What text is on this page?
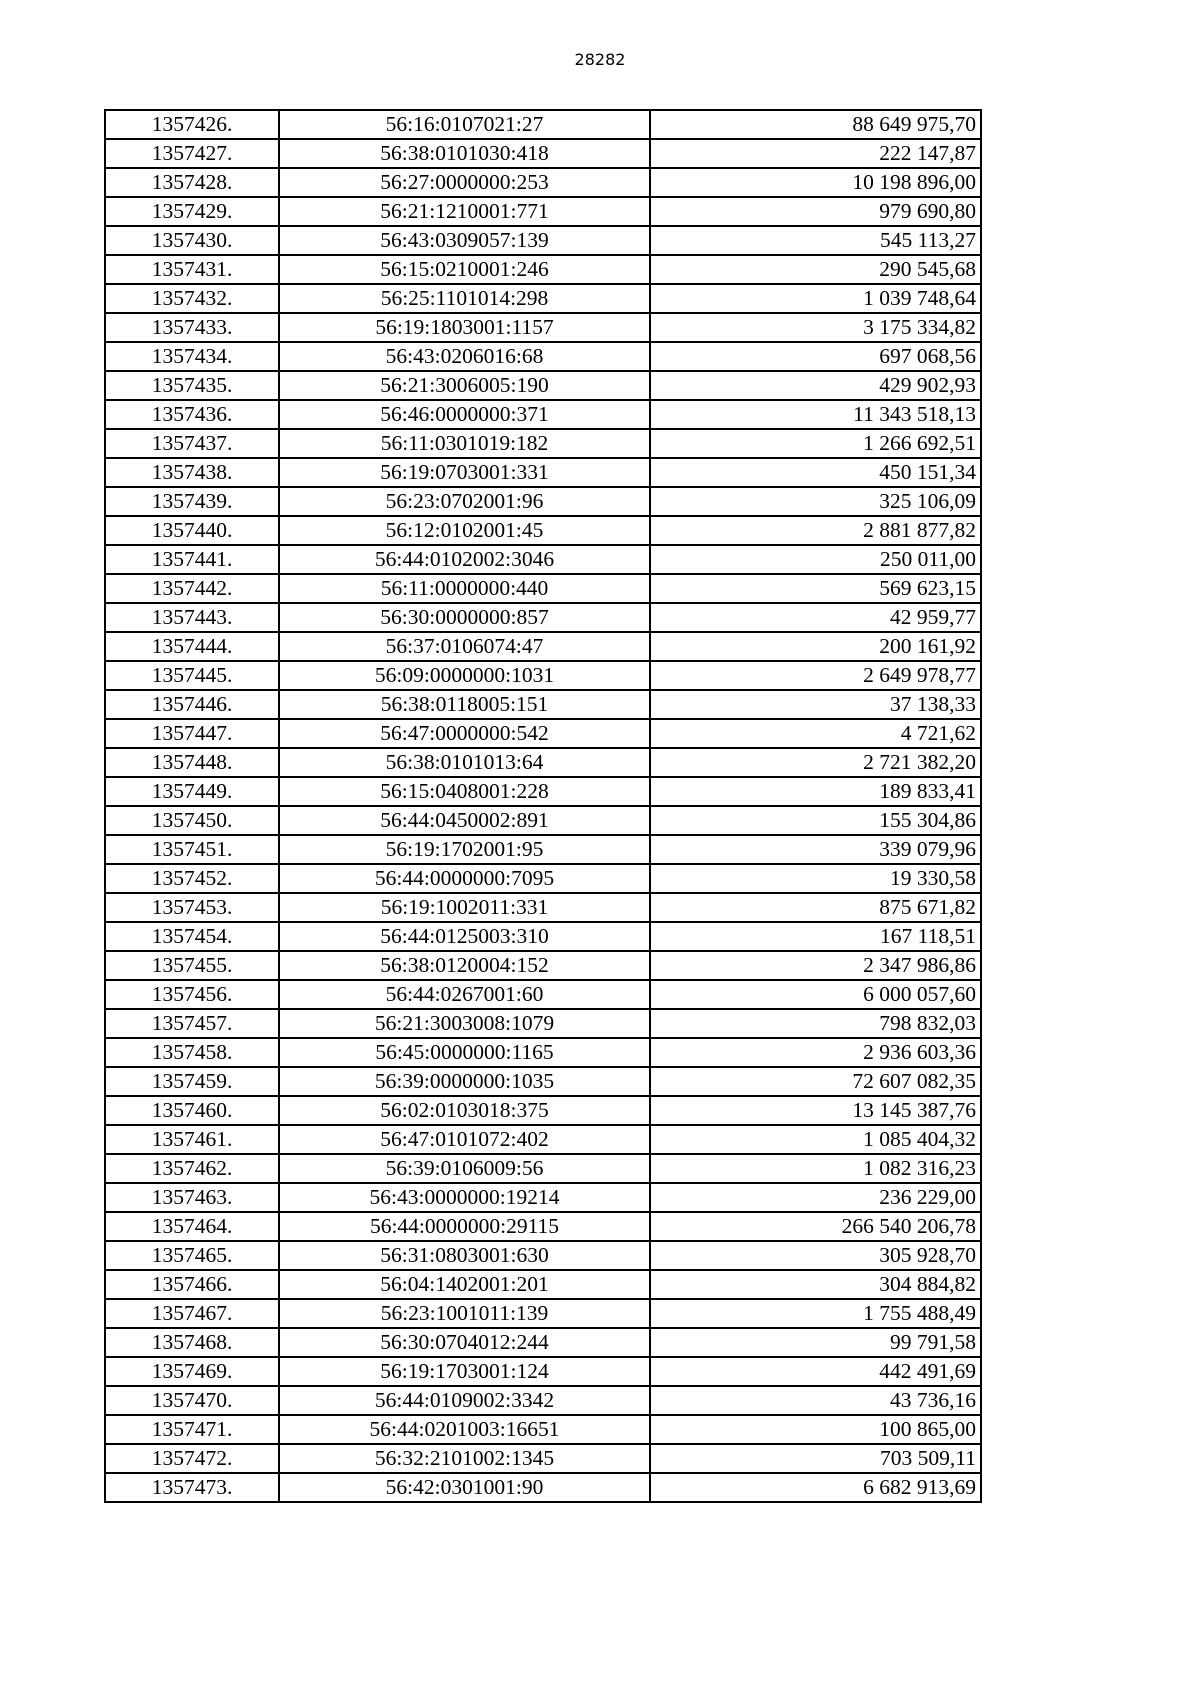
28282
1357426.	56:16:0107021:27	88 649 975,70
1357427.	56:38:0101030:418	222 147,87
1357428.	56:27:0000000:253	10 198 896,00
1357429.	56:21:1210001:771	979 690,80
1357430.	56:43:0309057:139	545 113,27
1357431.	56:15:0210001:246	290 545,68
1357432.	56:25:1101014:298	1 039 748,64
1357433.	56:19:1803001:1157	3 175 334,82
1357434.	56:43:0206016:68	697 068,56
1357435.	56:21:3006005:190	429 902,93
1357436.	56:46:0000000:371	11 343 518,13
1357437.	56:11:0301019:182	1 266 692,51
1357438.	56:19:0703001:331	450 151,34
1357439.	56:23:0702001:96	325 106,09
1357440.	56:12:0102001:45	2 881 877,82
1357441.	56:44:0102002:3046	250 011,00
1357442.	56:11:0000000:440	569 623,15
1357443.	56:30:0000000:857	42 959,77
1357444.	56:37:0106074:47	200 161,92
1357445.	56:09:0000000:1031	2 649 978,77
1357446.	56:38:0118005:151	37 138,33
1357447.	56:47:0000000:542	4 721,62
1357448.	56:38:0101013:64	2 721 382,20
1357449.	56:15:0408001:228	189 833,41
1357450.	56:44:0450002:891	155 304,86
1357451.	56:19:1702001:95	339 079,96
1357452.	56:44:0000000:7095	19 330,58
1357453.	56:19:1002011:331	875 671,82
1357454.	56:44:0125003:310	167 118,51
1357455.	56:38:0120004:152	2 347 986,86
1357456.	56:44:0267001:60	6 000 057,60
1357457.	56:21:3003008:1079	798 832,03
1357458.	56:45:0000000:1165	2 936 603,36
1357459.	56:39:0000000:1035	72 607 082,35
1357460.	56:02:0103018:375	13 145 387,76
1357461.	56:47:0101072:402	1 085 404,32
1357462.	56:39:0106009:56	1 082 316,23
1357463.	56:43:0000000:19214	236 229,00
1357464.	56:44:0000000:29115	266 540 206,78
1357465.	56:31:0803001:630	305 928,70
1357466.	56:04:1402001:201	304 884,82
1357467.	56:23:1001011:139	1 755 488,49
1357468.	56:30:0704012:244	99 791,58
1357469.	56:19:1703001:124	442 491,69
1357470.	56:44:0109002:3342	43 736,16
1357471.	56:44:0201003:16651	100 865,00
1357472.	56:32:2101002:1345	703 509,11
1357473.	56:42:0301001:90	6 682 913,69
